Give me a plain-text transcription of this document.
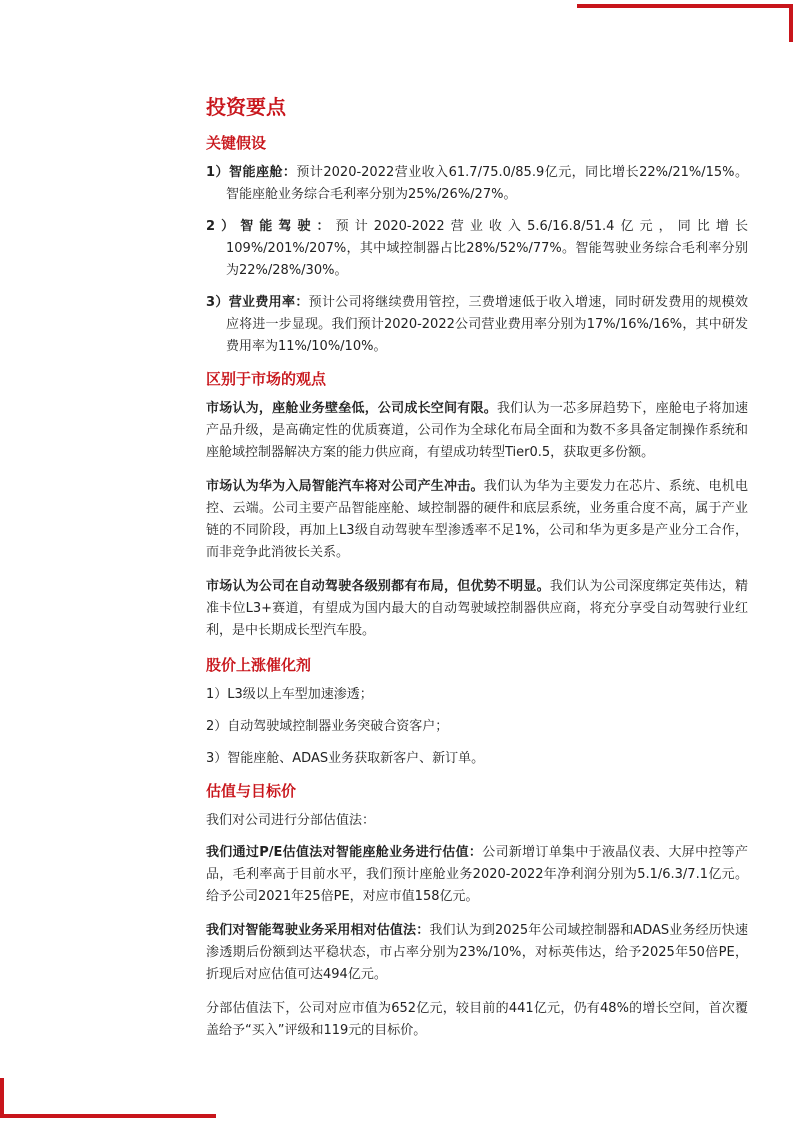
投资要点
关键假设
1）智能座舱：预计2020-2022营业收入61.7/75.0/85.9亿元，同比增长22%/21%/15%。智能座舱业务综合毛利率分别为25%/26%/27%。
2）智能驾驶：预计2020-2022营业收入5.6/16.8/51.4亿元，同比增长109%/201%/207%，其中域控制器占比28%/52%/77%。智能驾驶业务综合毛利率分别为22%/28%/30%。
3）营业费用率：预计公司将继续费用管控，三费增速低于收入增速，同时研发费用的规模效应将进一步显现。我们预计2020-2022公司营业费用率分别为17%/16%/16%，其中研发费用率为11%/10%/10%。
区别于市场的观点
市场认为，座舱业务壁垒低，公司成长空间有限。我们认为一芯多屏趋势下，座舱电子将加速产品升级，是高确定性的优质赛道，公司作为全球化布局全面和为数不多具备定制操作系统和座舱域控制器解决方案的能力供应商，有望成功转型Tier0.5，获取更多份额。
市场认为华为入局智能汽车将对公司产生冲击。我们认为华为主要发力在芯片、系统、电机电控、云端。公司主要产品智能座舱、域控制器的硬件和底层系统，业务重合度不高，属于产业链的不同阶段，再加上L3级自动驾驶车型渗透率不足1%，公司和华为更多是产业分工合作，而非竞争此消彼长关系。
市场认为公司在自动驾驶各级别都有布局，但优势不明显。我们认为公司深度绑定英伟达，精准卡位L3+赛道，有望成为国内最大的自动驾驶域控制器供应商，将充分享受自动驾驶行业红利，是中长期成长型汽车股。
股价上涨催化剂
1）L3级以上车型加速渗透；
2）自动驾驶域控制器业务突破合资客户；
3）智能座舱、ADAS业务获取新客户、新订单。
估值与目标价
我们对公司进行分部估值法：
我们通过P/E估值法对智能座舱业务进行估值：公司新增订单集中于液晶仪表、大屏中控等产品，毛利率高于目前水平，我们预计座舱业务2020-2022年净利润分别为5.1/6.3/7.1亿元。给予公司2021年25倍PE，对应市值158亿元。
我们对智能驾驶业务采用相对估值法：我们认为到2025年公司域控制器和ADAS业务经历快速渗透期后份额到达平稳状态，市占率分别为23%/10%，对标英伟达，给予2025年50倍PE，折现后对应估值可达494亿元。
分部估值法下，公司对应市值为652亿元，较目前的441亿元，仍有48%的增长空间，首次覆盖给予“买入”评级和119元的目标价。
